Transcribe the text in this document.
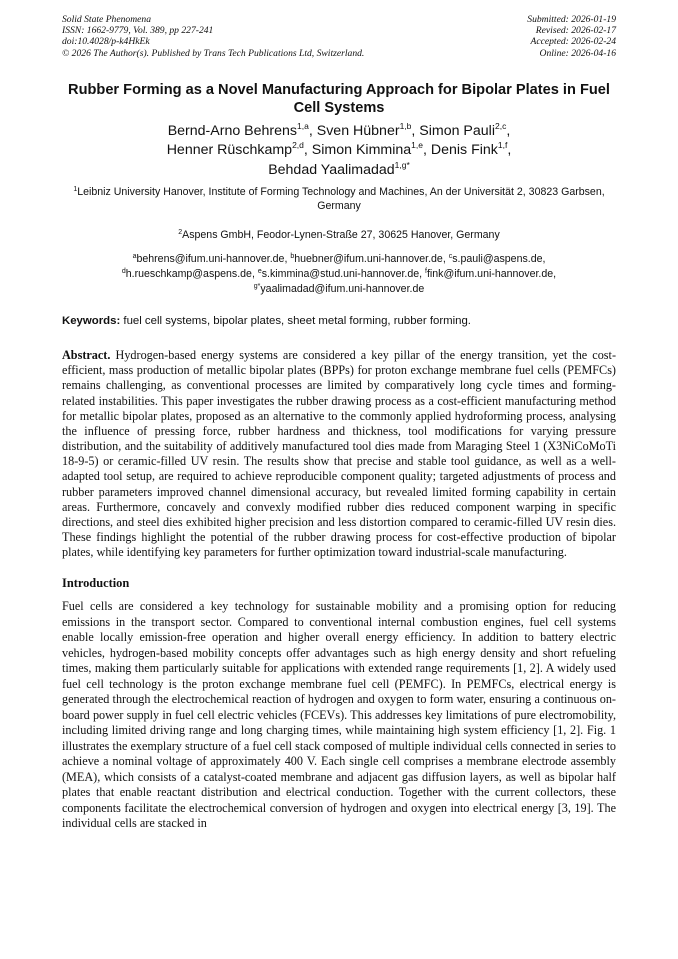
Solid State Phenomena
ISSN: 1662-9779, Vol. 389, pp 227-241
doi:10.4028/p-k4HkEk
© 2026 The Author(s). Published by Trans Tech Publications Ltd, Switzerland.
Submitted: 2026-01-19
Revised: 2026-02-17
Accepted: 2026-02-24
Online: 2026-04-16
Rubber Forming as a Novel Manufacturing Approach for Bipolar Plates in Fuel Cell Systems
Bernd-Arno Behrens$^{1,a}$, Sven Hübner$^{1,b}$, Simon Pauli$^{2,c}$,
Henner Rüschkamp$^{2,d}$, Simon Kimmina$^{1,e}$, Denis Fink$^{1,f}$,
Behdad Yaalimadad$^{1,g*}$
$^1$Leibniz University Hanover, Institute of Forming Technology and Machines, An der Universität 2, 30823 Garbsen, Germany
$^2$Aspens GmbH, Feodor-Lynen-Straße 27, 30625 Hanover, Germany
$^a$behrens@ifum.uni-hannover.de, $^b$huebner@ifum.uni-hannover.de, $^c$s.pauli@aspens.de,
$^d$h.rueschkamp@aspens.de, $^e$s.kimmina@stud.uni-hannover.de, $^f$fink@ifum.uni-hannover.de,
$^{g*}$yaalimadad@ifum.uni-hannover.de
Keywords: fuel cell systems, bipolar plates, sheet metal forming, rubber forming.
Abstract. Hydrogen-based energy systems are considered a key pillar of the energy transition, yet the cost-efficient, mass production of metallic bipolar plates (BPPs) for proton exchange membrane fuel cells (PEMFCs) remains challenging, as conventional processes are limited by comparatively long cycle times and forming-related instabilities. This paper investigates the rubber drawing process as a cost-efficient manufacturing method for metallic bipolar plates, proposed as an alternative to the commonly applied hydroforming process, analysing the influence of pressing force, rubber hardness and thickness, tool modifications for varying pressure distribution, and the suitability of additively manufactured tool dies made from Maraging Steel 1 (X3NiCoMoTi 18-9-5) or ceramic-filled UV resin. The results show that precise and stable tool guidance, as well as a well-adapted tool setup, are required to achieve reproducible component quality; targeted adjustments of process and rubber parameters improved channel dimensional accuracy, but revealed limited forming capability in certain areas. Furthermore, concavely and convexly modified rubber dies reduced component warping in specific directions, and steel dies exhibited higher precision and less distortion compared to ceramic-filled UV resin dies. These findings highlight the potential of the rubber drawing process for cost-effective production of bipolar plates, while identifying key parameters for further optimization toward industrial-scale manufacturing.
Introduction
Fuel cells are considered a key technology for sustainable mobility and a promising option for reducing emissions in the transport sector. Compared to conventional internal combustion engines, fuel cell systems enable locally emission-free operation and higher overall energy efficiency. In addition to battery electric vehicles, hydrogen-based mobility concepts offer advantages such as high energy density and short refueling times, making them particularly suitable for applications with extended range requirements [1, 2]. A widely used fuel cell technology is the proton exchange membrane fuel cell (PEMFC). In PEMFCs, electrical energy is generated through the electrochemical reaction of hydrogen and oxygen to form water, ensuring a continuous on-board power supply in fuel cell electric vehicles (FCEVs). This addresses key limitations of pure electromobility, including limited driving range and long charging times, while maintaining high system efficiency [1, 2]. Fig. 1 illustrates the exemplary structure of a fuel cell stack composed of multiple individual cells connected in series to achieve a nominal voltage of approximately 400 V. Each single cell comprises a membrane electrode assembly (MEA), which consists of a catalyst-coated membrane and adjacent gas diffusion layers, as well as bipolar half plates that enable reactant distribution and electrical conduction. Together with the current collectors, these components facilitate the electrochemical conversion of hydrogen and oxygen into electrical energy [3, 19]. The individual cells are stacked in
